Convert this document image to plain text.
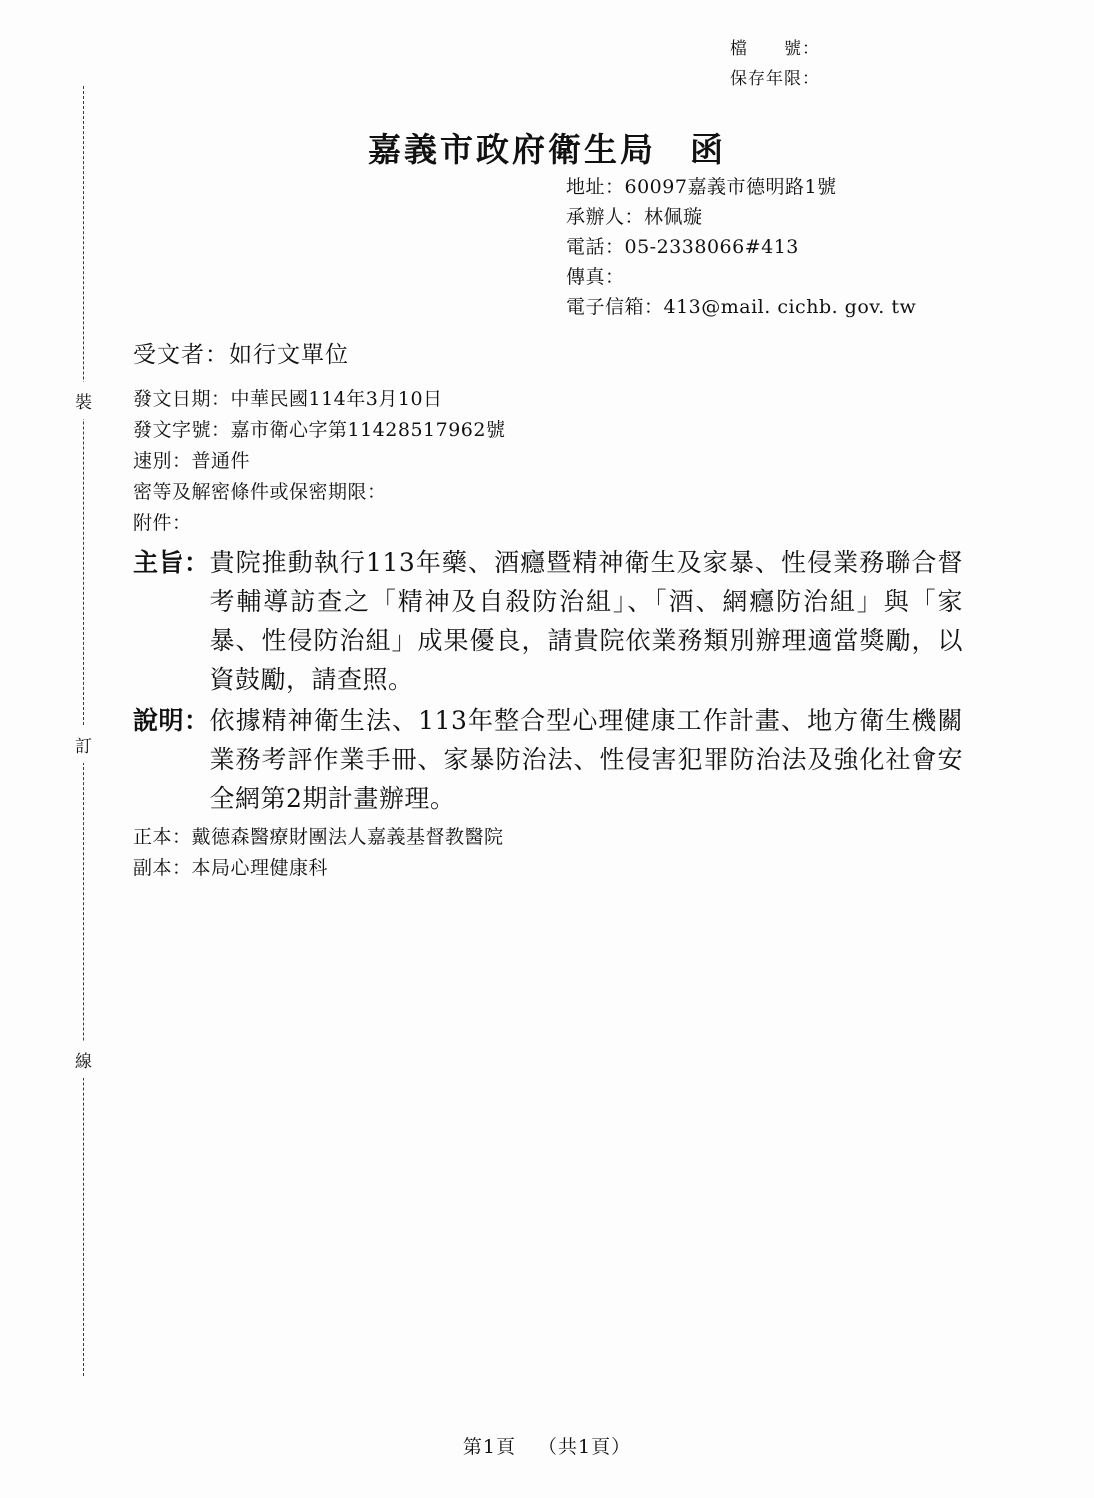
檔　　號：
保存年限：
嘉義市政府衛生局 函
地址：60097嘉義市德明路1號
承辦人：林佩璇
電話：05-2338066#413
傳真：
電子信箱：413@mail. cichb. gov. tw
受文者：如行文單位
發文日期：中華民國114年3月10日
發文字號：嘉市衛心字第11428517962號
速別：普通件
密等及解密條件或保密期限：
附件：
主旨： 貴院推動執行113年藥、酒癮暨精神衛生及家暴、性侵業務聯合督考輔導訪查之「精神及自殺防治組」、「酒、網癮防治組」與「家暴、性侵防治組」成果優良，請貴院依業務類別辦理適當獎勵，以資鼓勵，請查照。
說明： 依據精神衛生法、113年整合型心理健康工作計畫、地方衛生機關業務考評作業手冊、家暴防治法、性侵害犯罪防治法及強化社會安全網第2期計畫辦理。
正本：戴德森醫療財團法人嘉義基督教醫院
副本：本局心理健康科
裝
訂
線
第1頁 （共1頁）
